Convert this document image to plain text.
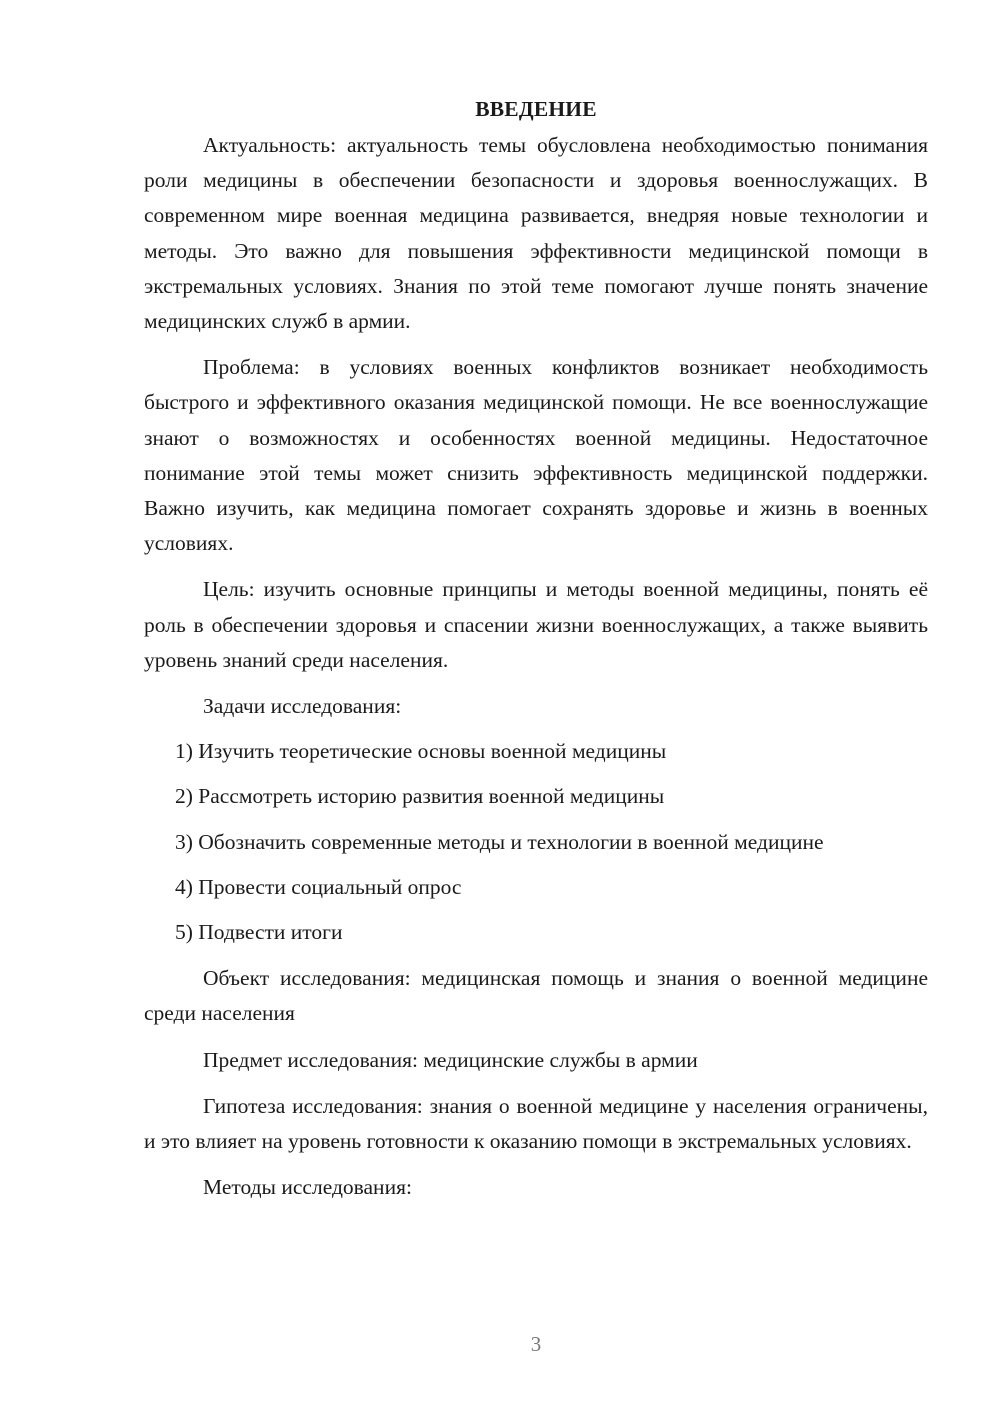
ВВЕДЕНИЕ

Актуальность: актуальность темы обусловлена необходимостью понимания роли медицины в обеспечении безопасности и здоровья военнослужащих. В современном мире военная медицина развивается, внедряя новые технологии и методы. Это важно для повышения эффективности медицинской помощи в экстремальных условиях. Знания по этой теме помогают лучше понять значение медицинских служб в армии.

Проблема: в условиях военных конфликтов возникает необходимость быстрого и эффективного оказания медицинской помощи. Не все военнослужащие знают о возможностях и особенностях военной медицины. Недостаточное понимание этой темы может снизить эффективность медицинской поддержки. Важно изучить, как медицина помогает сохранять здоровье и жизнь в военных условиях.

Цель: изучить основные принципы и методы военной медицины, понять её роль в обеспечении здоровья и спасении жизни военнослужащих, а также выявить уровень знаний среди населения.

Задачи исследования:

1) Изучить теоретические основы военной медицины
2) Рассмотреть историю развития военной медицины
3) Обозначить современные методы и технологии в военной медицине
4) Провести социальный опрос
5) Подвести итоги

Объект исследования: медицинская помощь и знания о военной медицине среди населения

Предмет исследования: медицинские службы в армии

Гипотеза исследования: знания о военной медицине у населения ограничены, и это влияет на уровень готовности к оказанию помощи в экстремальных условиях.

Методы исследования:

3
